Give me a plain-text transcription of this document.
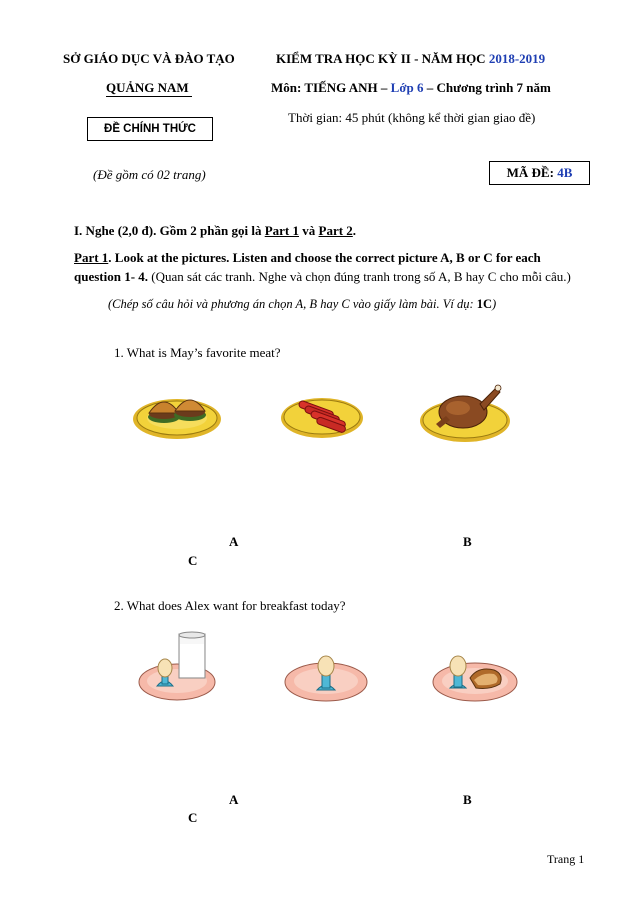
SỞ GIÁO DỤC VÀ ĐÀO TẠO
QUẢNG NAM
ĐỀ CHÍNH THỨC
(Đề gồm có 02 trang)
KIỂM TRA HỌC KỲ II - NĂM HỌC 2018-2019
Môn: TIẾNG ANH – Lớp 6 – Chương trình 7 năm
Thời gian: 45 phút (không kể thời gian giao đề)
MÃ ĐỀ: 4B
I. Nghe (2,0 đ). Gồm 2 phần gọi là Part 1 và Part 2.
Part 1. Look at the pictures. Listen and choose the correct picture A, B or C for each
question 1- 4. (Quan sát các tranh. Nghe và chọn đúng tranh trong số A, B hay C cho mỗi câu.)
(Chép số câu hỏi và phương án chọn A, B hay C vào giấy làm bài. Ví dụ: 1C)
1. What is May’s favorite meat?
A	B
C
2. What does Alex want for breakfast today?
A	B
C
Trang 1
